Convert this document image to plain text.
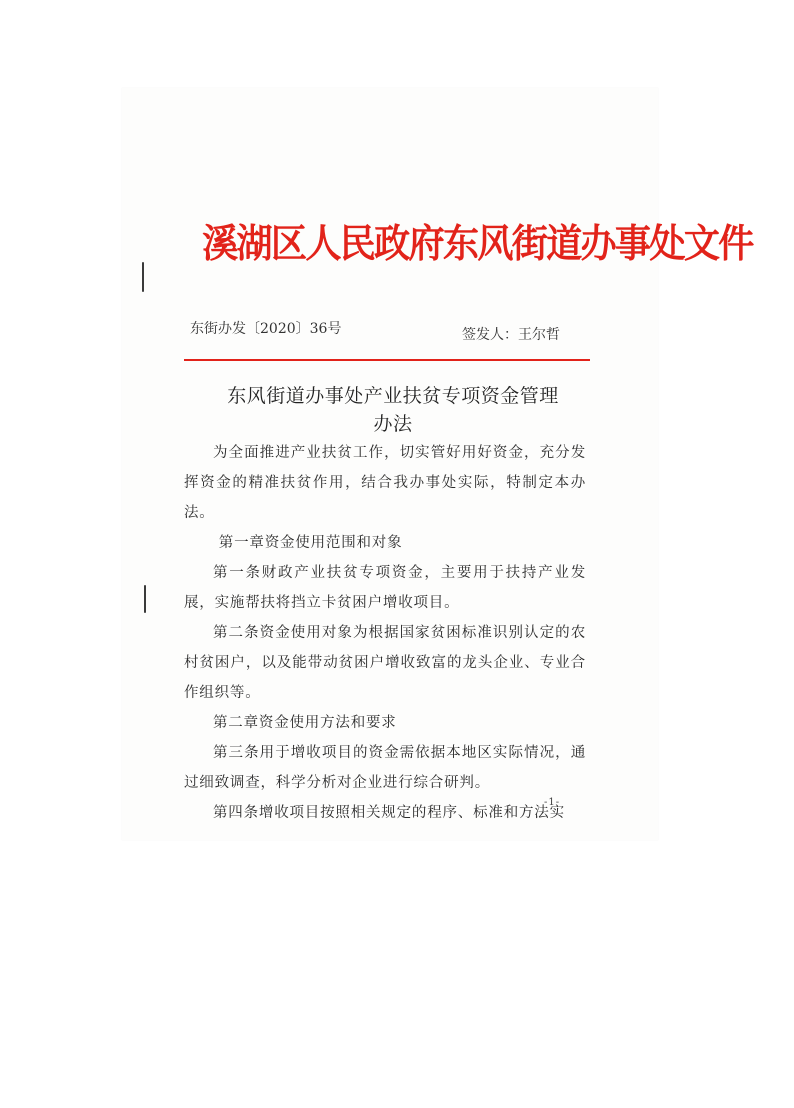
溪湖区人民政府东风街道办事处文件
东街办发〔2020〕36号	签发人：王尔哲
东风街道办事处产业扶贫专项资金管理
办法

为全面推进产业扶贫工作，切实管好用好资金，充分发挥资金的精准扶贫作用，结合我办事处实际，特制定本办法。

第一章资金使用范围和对象

第一条财政产业扶贫专项资金，主要用于扶持产业发展，实施帮扶将挡立卡贫困户增收项目。

第二条资金使用对象为根据国家贫困标准识别认定的农村贫困户，以及能带动贫困户增收致富的龙头企业、专业合作组织等。

第二章资金使用方法和要求

第三条用于增收项目的资金需依据本地区实际情况，通过细致调查，科学分析对企业进行综合研判。

第四条增收项目按照相关规定的程序、标准和方法实

-1-
